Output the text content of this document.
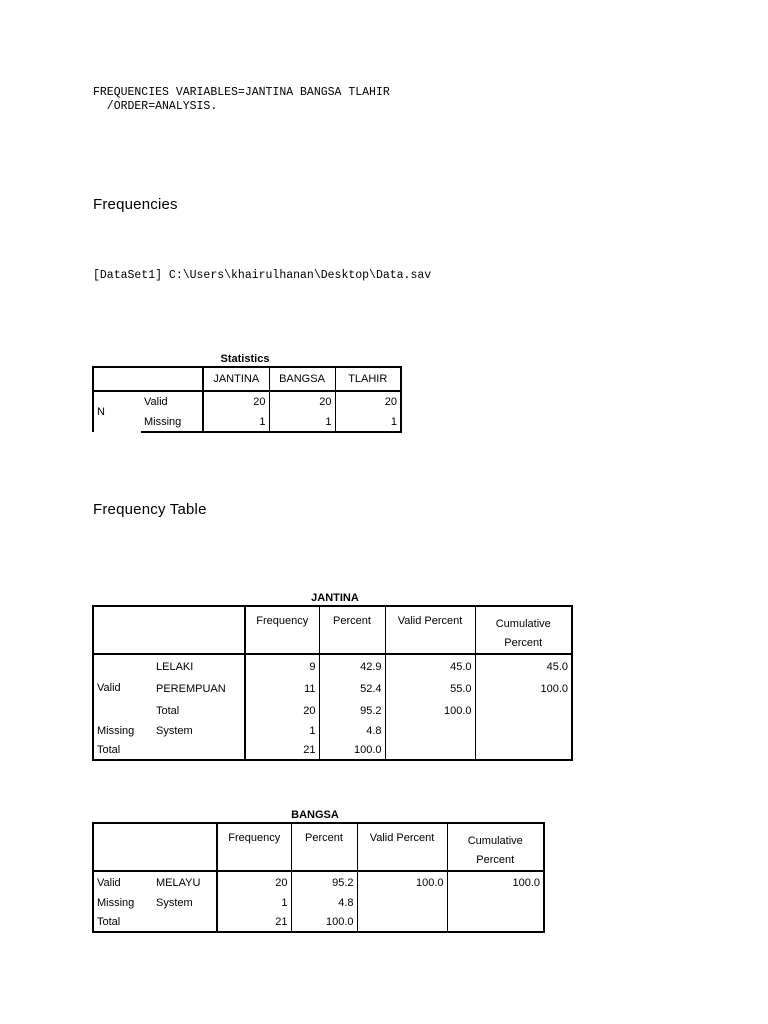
FREQUENCIES VARIABLES=JANTINA BANGSA TLAHIR
/ORDER=ANALYSIS.
Frequencies
[DataSet1] C:\Users\khairulhanan\Desktop\Data.sav
Statistics
		JANTINA	BANGSA	TLAHIR
N	Valid	20	20	20
	Missing	1	1	1
Frequency Table
JANTINA
		Frequency	Percent	Valid Percent	Cumulative Percent
Valid	LELAKI	9	42.9	45.0	45.0
	PEREMPUAN	11	52.4	55.0	100.0
	Total	20	95.2	100.0	
Missing	System	1	4.8		
Total		21	100.0		
BANGSA
		Frequency	Percent	Valid Percent	Cumulative Percent
Valid	MELAYU	20	95.2	100.0	100.0
Missing	System	1	4.8		
Total		21	100.0		
